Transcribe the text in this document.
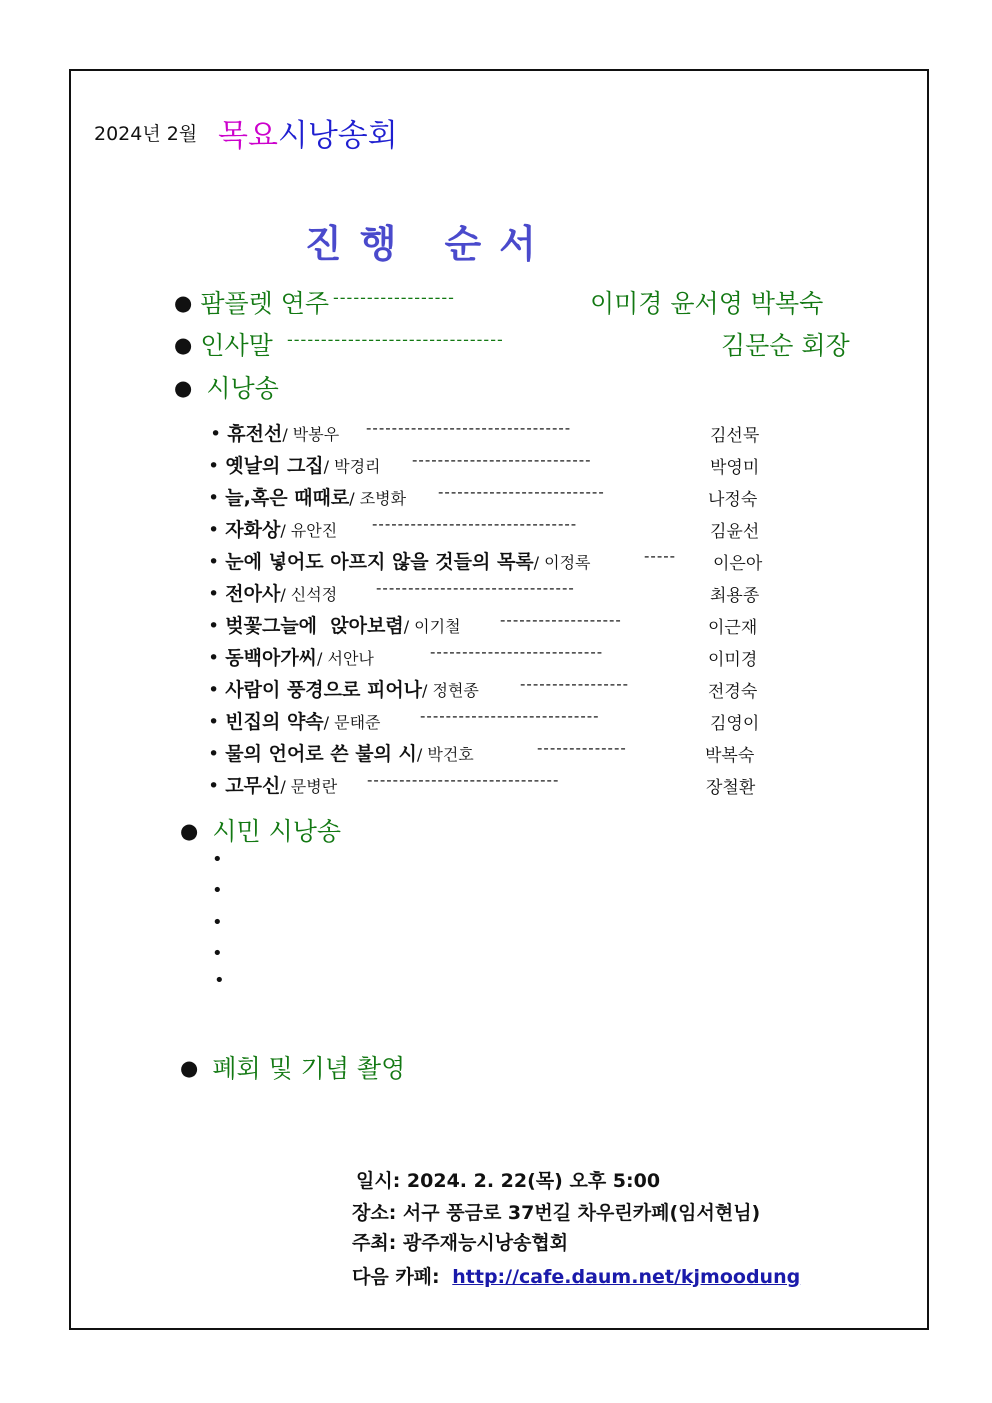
2024년 2월 목요시낭송회
진 행 순 서
● 팜플렛 연주 ------------------	이미경 윤서영 박복숙
● 인사말 --------------------------------	김문순 회장
● 시낭송
• 휴전선/ 박봉우 --------------------------------	김선묵
• 옛날의 그집/ 박경리 ----------------------------	박영미
• 늘,혹은 때때로/ 조병화 --------------------------	나정숙
• 자화상/ 유안진 --------------------------------	김윤선
• 눈에 넣어도 아프지 않을 것들의 목록/ 이정록	----- 이은아
• 전아사/ 신석정	-------------------------------	최용종
• 벚꽃그늘에  앉아보렴/ 이기철	-------------------	이근재
• 동백아가씨/ 서안나	---------------------------	이미경
• 사람이 풍경으로 피어나/ 정현종	-----------------	전경숙
• 빈집의 약속/ 문태준	----------------------------	김영이
• 물의 언어로 쓴 불의 시/ 박건호	--------------	박복숙
• 고무신/ 문병란 ------------------------------	장철환
● 시민 시낭송
•
•
•
•
•
● 폐회 및 기념 촬영
일시: 2024. 2. 22(목) 오후 5:00
장소: 서구 풍금로 37번길 차우린카페(임서현님)
주최: 광주재능시낭송협회
다음 카페: http://cafe.daum.net/kjmoodung
